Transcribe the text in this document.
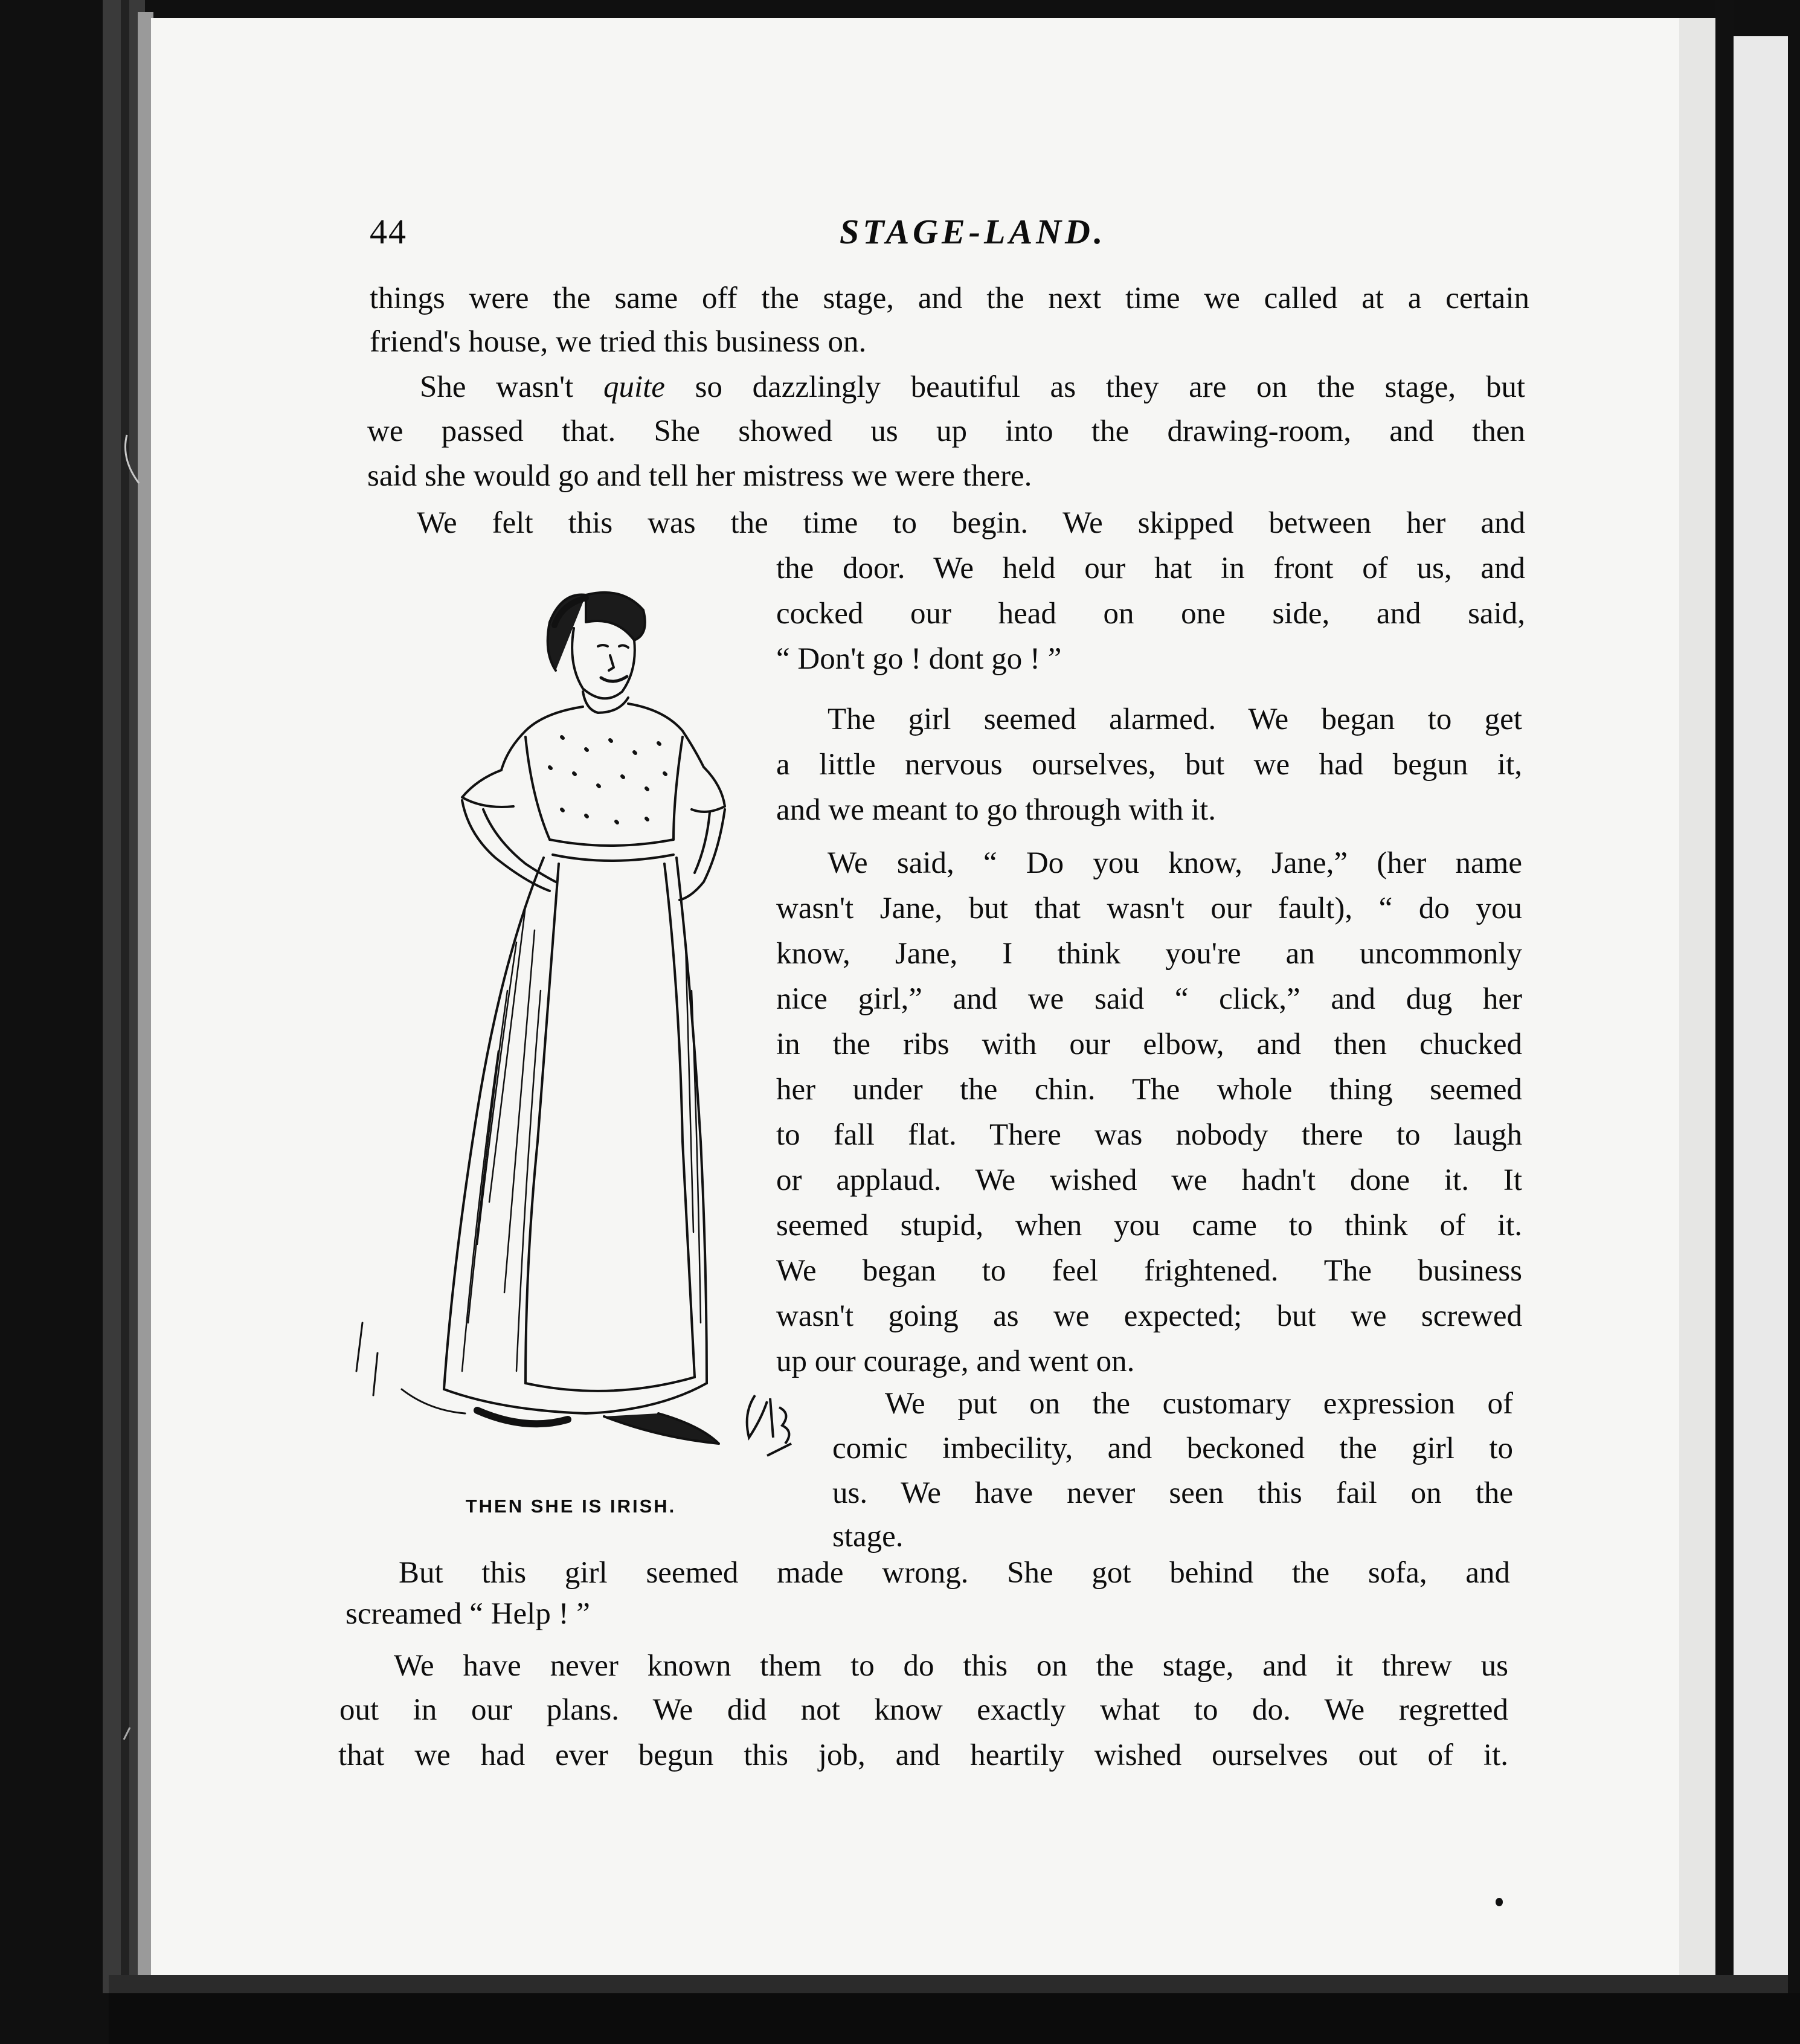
44	STAGE-LAND.
things were the same off the stage, and the next time we called at a certain
friend's house, we tried this business on.
She wasn't quite so dazzlingly beautiful as they are on the stage, but
we passed that. She showed us up into the drawing-room, and then
said she would go and tell her mistress we were there.
We felt this was the time to begin. We skipped between her and
the door. We held our hat in front of us, and
cocked our head on one side, and said,
“ Don't go ! dont go ! ”
The girl seemed alarmed. We began to get
a little nervous ourselves, but we had begun it,
and we meant to go through with it.
We said, “ Do you know, Jane,” (her name
wasn't Jane, but that wasn't our fault), “ do you
know, Jane, I think you're an uncommonly
nice girl,” and we said “ click,” and dug her
in the ribs with our elbow, and then chucked
her under the chin. The whole thing seemed
to fall flat. There was nobody there to laugh
or applaud. We wished we hadn't done it. It
seemed stupid, when you came to think of it.
We began to feel frightened. The business
wasn't going as we expected; but we screwed
up our courage, and went on.
We put on the customary expression of
comic imbecility, and beckoned the girl to
us. We have never seen this fail on the
stage.
But this girl seemed made wrong. She got behind the sofa, and
screamed “ Help ! ”
We have never known them to do this on the stage, and it threw us
out in our plans. We did not know exactly what to do. We regretted
that we had ever begun this job, and heartily wished ourselves out of it.
THEN SHE IS IRISH.
